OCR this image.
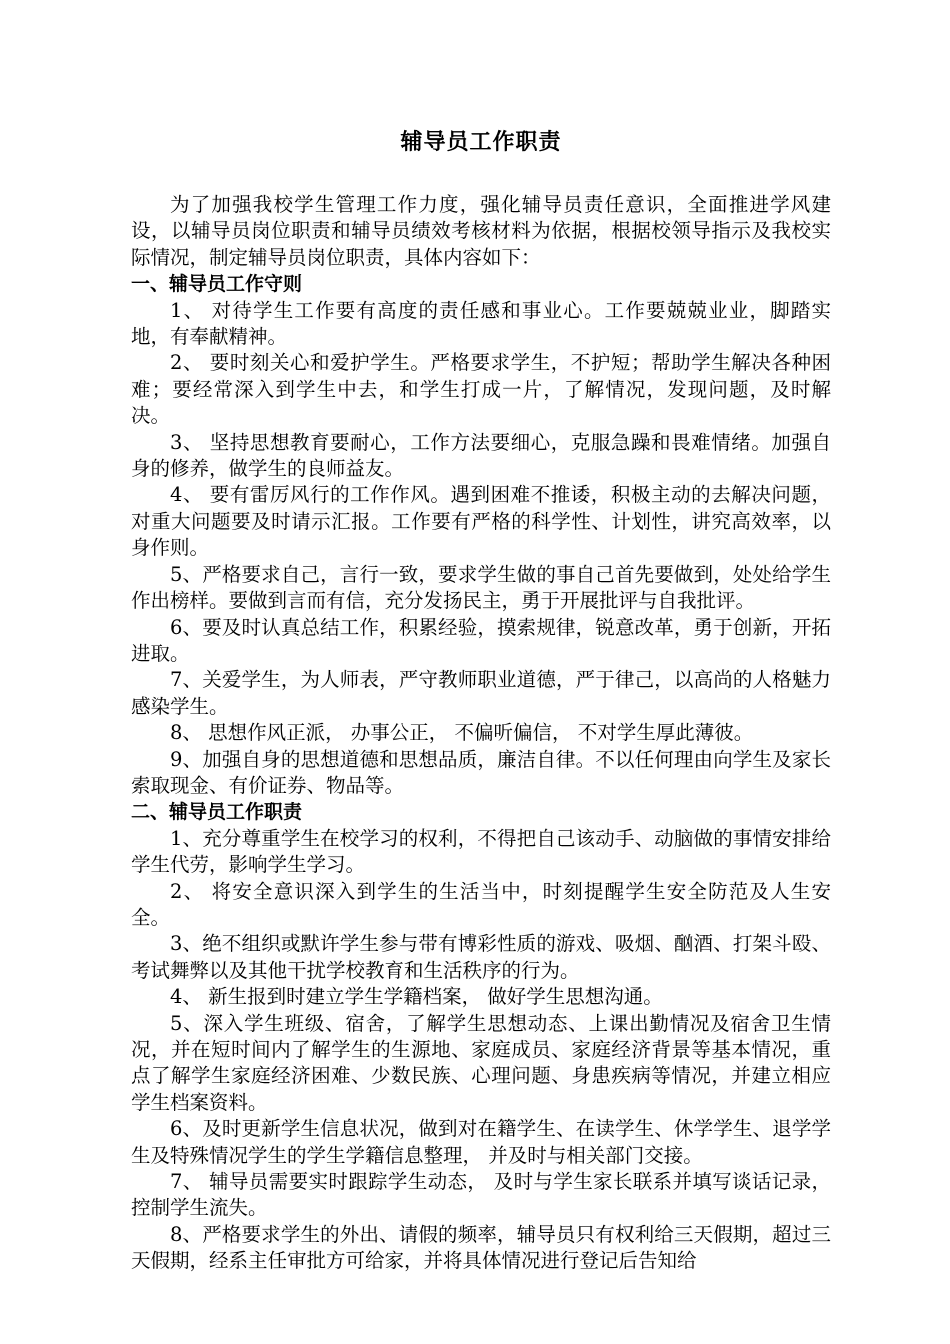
辅导员工作职责

为了加强我校学生管理工作力度，强化辅导员责任意识，全面推进学风建设，以辅导员岗位职责和辅导员绩效考核材料为依据，根据校领导指示及我校实际情况，制定辅导员岗位职责，具体内容如下：

一、辅导员工作守则

1、 对待学生工作要有高度的责任感和事业心。工作要兢兢业业，脚踏实地，有奉献精神。

2、 要时刻关心和爱护学生。严格要求学生，不护短；帮助学生解决各种困难；要经常深入到学生中去，和学生打成一片，了解情况，发现问题，及时解决。

3、 坚持思想教育要耐心，工作方法要细心，克服急躁和畏难情绪。加强自身的修养，做学生的良师益友。

4、 要有雷厉风行的工作作风。遇到困难不推诿，积极主动的去解决问题，对重大问题要及时请示汇报。工作要有严格的科学性、计划性，讲究高效率，以身作则。

5、严格要求自己，言行一致，要求学生做的事自己首先要做到，处处给学生作出榜样。要做到言而有信，充分发扬民主，勇于开展批评与自我批评。

6、要及时认真总结工作，积累经验，摸索规律，锐意改革，勇于创新，开拓进取。

7、关爱学生，为人师表，严守教师职业道德，严于律己，以高尚的人格魅力感染学生。

8、 思想作风正派， 办事公正， 不偏听偏信， 不对学生厚此薄彼。

9、加强自身的思想道德和思想品质，廉洁自律。不以任何理由向学生及家长索取现金、有价证券、物品等。

二、辅导员工作职责

1、充分尊重学生在校学习的权利，不得把自己该动手、动脑做的事情安排给学生代劳，影响学生学习。

2、 将安全意识深入到学生的生活当中，时刻提醒学生安全防范及人生安全。

3、绝不组织或默许学生参与带有博彩性质的游戏、吸烟、酗酒、打架斗殴、考试舞弊以及其他干扰学校教育和生活秩序的行为。

4、 新生报到时建立学生学籍档案， 做好学生思想沟通。

5、深入学生班级、宿舍，了解学生思想动态、上课出勤情况及宿舍卫生情况，并在短时间内了解学生的生源地、家庭成员、家庭经济背景等基本情况，重点了解学生家庭经济困难、少数民族、心理问题、身患疾病等情况，并建立相应学生档案资料。

6、及时更新学生信息状况，做到对在籍学生、在读学生、休学学生、退学学生及特殊情况学生的学生学籍信息整理， 并及时与相关部门交接。

7、 辅导员需要实时跟踪学生动态， 及时与学生家长联系并填写谈话记录， 控制学生流失。

8、严格要求学生的外出、请假的频率，辅导员只有权利给三天假期，超过三天假期，经系主任审批方可给家，并将具体情况进行登记后告知给
